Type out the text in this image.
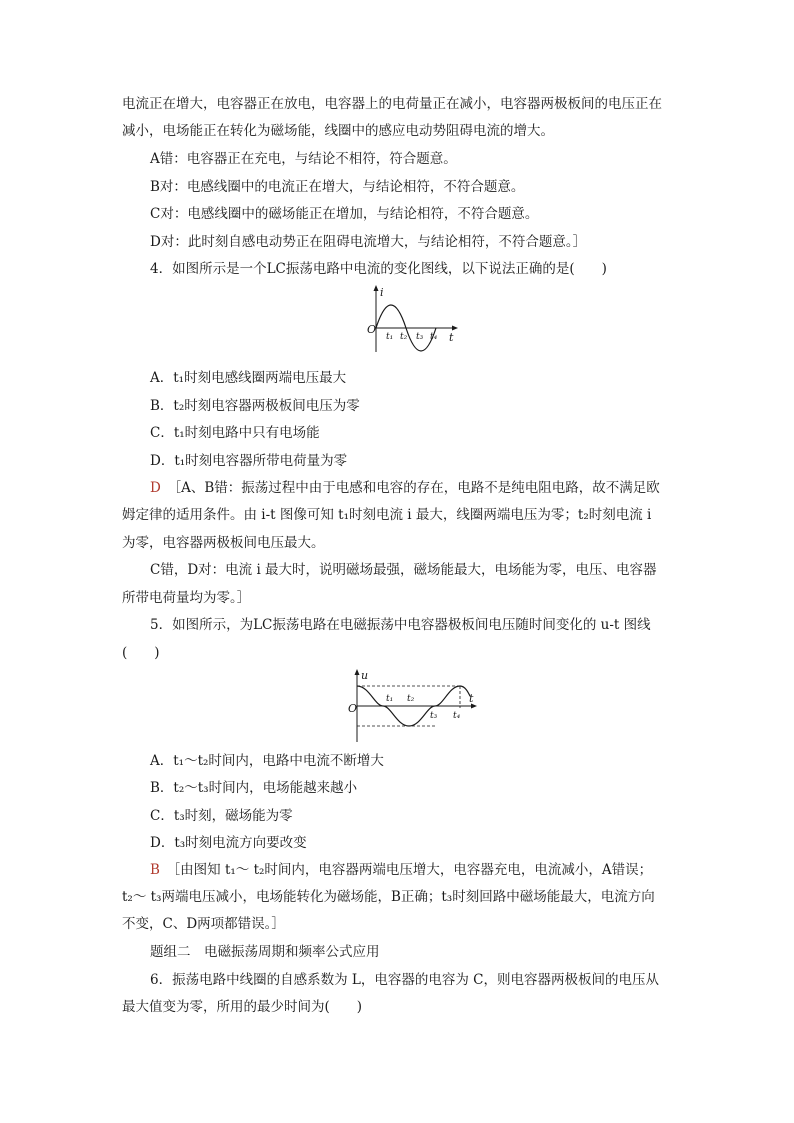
电流正在增大，电容器正在放电，电容器上的电荷量正在减小，电容器两极板间的电压正在
减小，电场能正在转化为磁场能，线圈中的感应电动势阻碍电流的增大。
A错：电容器正在充电，与结论不相符，符合题意。
B对：电感线圈中的电流正在增大，与结论相符，不符合题意。
C对：电感线圈中的磁场能正在增加，与结论相符，不符合题意。
D对：此时刻自感电动势正在阻碍电流增大，与结论相符，不符合题意。］
4．如图所示是一个LC振荡电路中电流的变化图线，以下说法正确的是(　　)
i
O
t
t₁ t₂ t₃ t₄
A．t₁时刻电感线圈两端电压最大
B．t₂时刻电容器两极板间电压为零
C．t₁时刻电路中只有电场能
D．t₁时刻电容器所带电荷量为零
D　 ［A、B错：振荡过程中由于电感和电容的存在，电路不是纯电阻电路，故不满足欧
姆定律的适用条件。由 i-t 图像可知 t₁时刻电流 i 最大，线圈两端电压为零；t₂时刻电流 i
为零，电容器两极板间电压最大。
C错，D对：电流 i 最大时，说明磁场最强，磁场能最大，电场能为零，电压、电容器
所带电荷量均为零。］
5．如图所示，为LC振荡电路在电磁振荡中电容器极板间电压随时间变化的 u-t 图线
(　　)
u
O
t
t₁ t₂
t₃ t₄
A．t₁～t₂时间内，电路中电流不断增大
B．t₂～t₃时间内，电场能越来越小
C．t₃时刻，磁场能为零
D．t₃时刻电流方向要改变
B　 ［由图知 t₁～ t₂时间内，电容器两端电压增大，电容器充电，电流减小，A错误；
t₂～ t₃两端电压减小，电场能转化为磁场能，B正确；t₃时刻回路中磁场能最大，电流方向
不变，C、D两项都错误。］
题组二　电磁振荡周期和频率公式应用
6．振荡电路中线圈的自感系数为 L，电容器的电容为 C，则电容器两极板间的电压从
最大值变为零，所用的最少时间为(　　)
